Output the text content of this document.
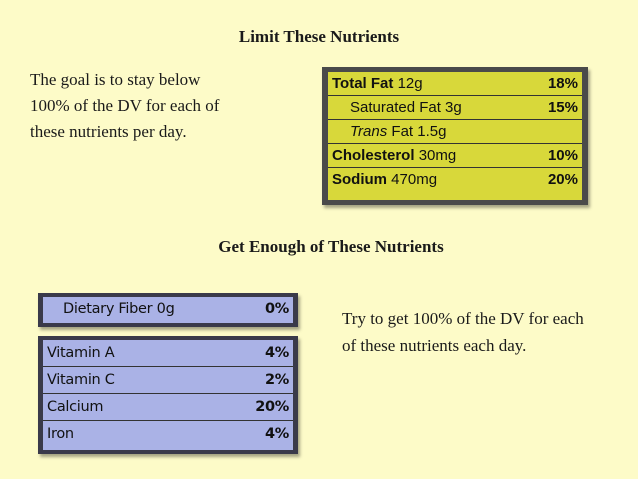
Limit These Nutrients
The goal is to stay below 100% of the DV for each of these nutrients per day.
Total Fat 12g	18%
Saturated Fat 3g	15%
Trans Fat 1.5g
Cholesterol 30mg	10%
Sodium 470mg	20%
Get Enough of These Nutrients
Dietary Fiber 0g	0%
Vitamin A	4%
Vitamin C	2%
Calcium	20%
Iron	4%
Try to get 100% of the DV for each of these nutrients each day.
